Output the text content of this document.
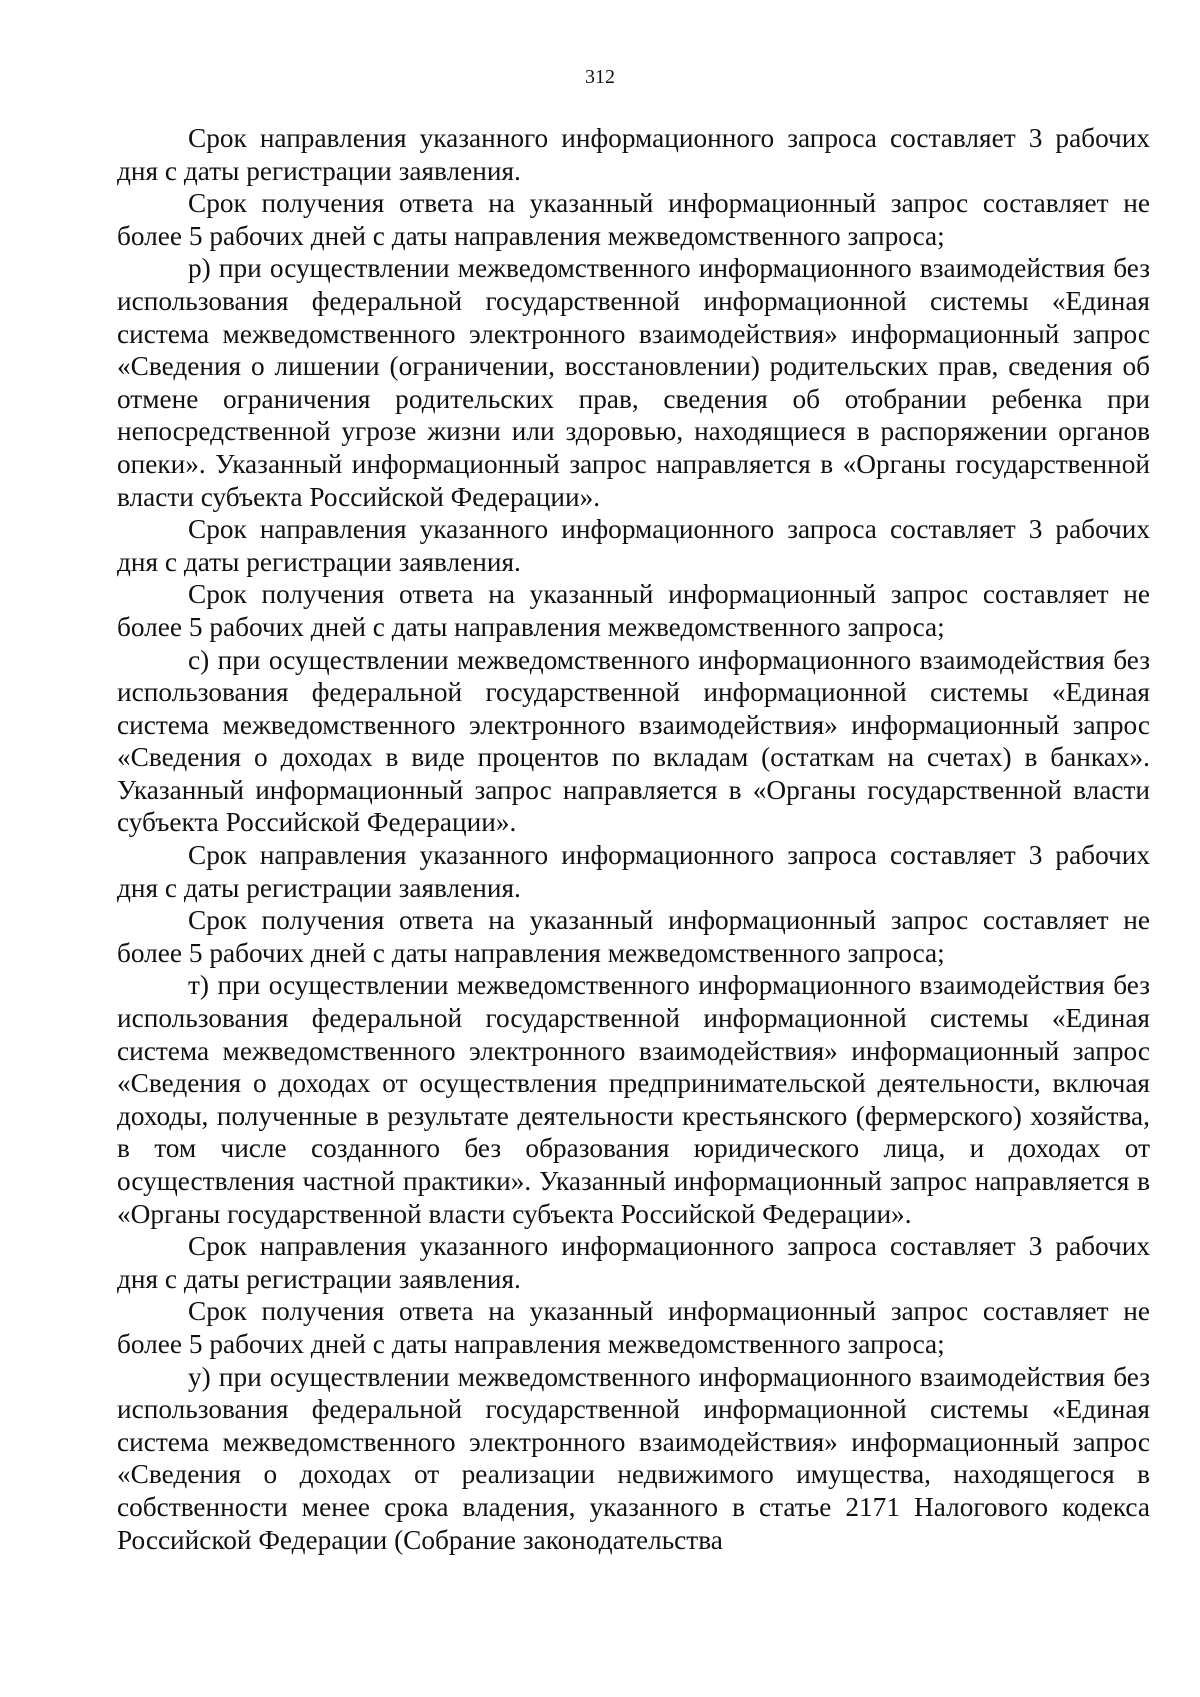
312

Срок направления указанного информационного запроса составляет 3 рабочих дня с даты регистрации заявления.

Срок получения ответа на указанный информационный запрос составляет не более 5 рабочих дней с даты направления межведомственного запроса;

р) при осуществлении межведомственного информационного взаимодействия без использования федеральной государственной информационной системы «Единая система межведомственного электронного взаимодействия» информационный запрос «Сведения о лишении (ограничении, восстановлении) родительских прав, сведения об отмене ограничения родительских прав, сведения об отобрании ребенка при непосредственной угрозе жизни или здоровью, находящиеся в распоряжении органов опеки». Указанный информационный запрос направляется в «Органы государственной власти субъекта Российской Федерации».

Срок направления указанного информационного запроса составляет 3 рабочих дня с даты регистрации заявления.

Срок получения ответа на указанный информационный запрос составляет не более 5 рабочих дней с даты направления межведомственного запроса;

с) при осуществлении межведомственного информационного взаимодействия без использования федеральной государственной информационной системы «Единая система межведомственного электронного взаимодействия» информационный запрос «Сведения о доходах в виде процентов по вкладам (остаткам на счетах) в банках». Указанный информационный запрос направляется в «Органы государственной власти субъекта Российской Федерации».

Срок направления указанного информационного запроса составляет 3 рабочих дня с даты регистрации заявления.

Срок получения ответа на указанный информационный запрос составляет не более 5 рабочих дней с даты направления межведомственного запроса;

т) при осуществлении межведомственного информационного взаимодействия без использования федеральной государственной информационной системы «Единая система межведомственного электронного взаимодействия» информационный запрос «Сведения о доходах от осуществления предпринимательской деятельности, включая доходы, полученные в результате деятельности крестьянского (фермерского) хозяйства, в том числе созданного без образования юридического лица, и доходах от осуществления частной практики». Указанный информационный запрос направляется в «Органы государственной власти субъекта Российской Федерации».

Срок направления указанного информационного запроса составляет 3 рабочих дня с даты регистрации заявления.

Срок получения ответа на указанный информационный запрос составляет не более 5 рабочих дней с даты направления межведомственного запроса;

у) при осуществлении межведомственного информационного взаимодействия без использования федеральной государственной информационной системы «Единая система межведомственного электронного взаимодействия» информационный запрос «Сведения о доходах от реализации недвижимого имущества, находящегося в собственности менее срока владения, указанного в статье 2171 Налогового кодекса Российской Федерации (Собрание законодательства
